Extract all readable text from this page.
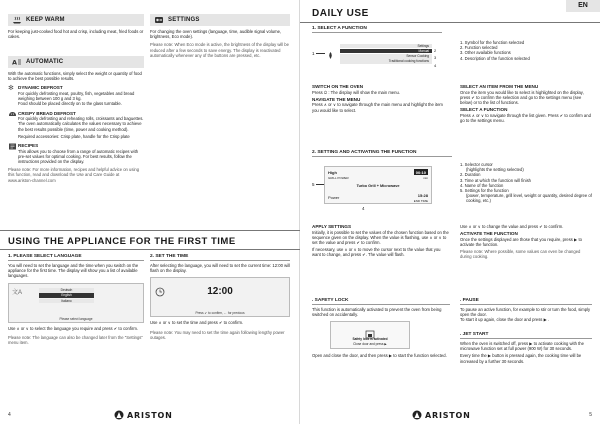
KEEP WARM
For keeping just-cooked food hot and crisp, including meat, fried foods or cakes.
SETTINGS
For changing the oven settings (language, time, audible signal volume, brightness, Eco mode).
Please note: When Eco mode is active, the brightness of the display will be reduced after a few seconds to save energy. The display is reactivated automatically whenever any of the buttons are pressed, etc.
A AUTOMATIC
With the automatic functions, simply select the weight or quantity of food to achieve the best possible results.
✻ DYNAMIC DEFROST
For quickly defrosting meat, poultry, fish, vegetables and bread weighing between 100 g and 3 kg.
Food should be placed directly on to the glass turntable.
CRISPY BREAD DEFROST
For quickly defrosting and reheating rolls, croissants and baguettes. The oven automatically calculates the values necessary to achieve the best results possible (time, power and cooking method).
Required accessories: Crisp plate, handle for the Crisp plate
RECIPES
This allows you to choose from a range of automatic recipes with pre-set values for optimal cooking. For best results, follow the instructions provided on the display.
Please note: For more information, recipes and helpful advice on using this function, read and download the Use and Care Guide at www.ariston-channel.com
USING THE APPLIANCE FOR THE FIRST TIME
1. PLEASE SELECT LANGUAGE
You will need to set the language and the time when you switch on the appliance for the first time. The display will show you a list of available languages.
文A	Deutsch
English
Italiano
Please select language
Use ∧ or ∨ to select the language you require and press ✔ to confirm.
Please note: The language can also be changed later from the "Settings" menu item.
2. SET THE TIME
After selecting the language, you will need to set the current time: 12:00 will flash on the display.
12:00
Press ✔ to confirm, ← for previous
Use ∧ or ∨ to set the time and press ✔ to confirm.
Please note: You may need to set the time again following lengthy power outages.
4	ARISTON
DAILY USE
EN
1. SELECT A FUNCTION
1
Settings
Manual
Sensor Cooking
Traditional cooking functions
2
3
4
1. Symbol for the function selected
2. Function selected
3. Other available functions
4. Description of the function selected
SWITCH ON THE OVEN
Press ⏻ : The display will show the main menu.
NAVIGATE THE MENU
Press ∧ or ∨ to navigate through the main menu and highlight the item you would like to select.
SELECT AN ITEM FROM THE MENU
Once the item you would like to select is highlighted on the display, press ✔ to confirm the selection and go to the settings menu (see below) or to the list of functions.
SELECT A FUNCTION
Press ∧ or ∨ to navigate through the list given. Press ✔ to confirm and go to the settings menu.
2. SETTING AND ACTIVATING THE FUNCTION
5
High
GRILL POWER
Turbo Grill + Microwave
Power
00:10
min
15:28
END TIME
4
1. Selector cursor
(highlights the setting selected)
2. Duration
3. Time at which the function will finish
4. Name of the function
5. Settings for the function
(power, temperature, grill level, weight or quantity, desired degree of cooking, etc.)
APPLY SETTINGS
Initially, it is possible to set the values of the chosen function based on the sequence given on the display. When the value is flashing, use ∧ or ∨ to set the value and press ✔ to confirm.
If necessary, use ∧ or ∨ to move the cursor next to the value that you want to change, and press ✔. The value will flash.
Use ∧ or ∨ to change the value and press ✔ to confirm.
ACTIVATE THE FUNCTION
Once the settings displayed are those that you require, press ▶ to activate the function.
Please note: Where possible, some values can even be changed during cooking.
. SAFETY LOCK
This function is automatically activated to prevent the oven from being switched on accidentally.
Safety lock is activated
Close door and press ▶
Open and close the door, and then press ▶ to start the function selected.
. PAUSE
To pause an active function, for example to stir or turn the food, simply open the door.
To start it up again, close the door and press ▶ .
. JET START
When the oven is switched off, press ▶ to activate cooking with the microwave function set at full power (900 W) for 30 seconds.
Every time the ▶ button is pressed again, the cooking time will be increased by a further 30 seconds.
ARISTON	5
